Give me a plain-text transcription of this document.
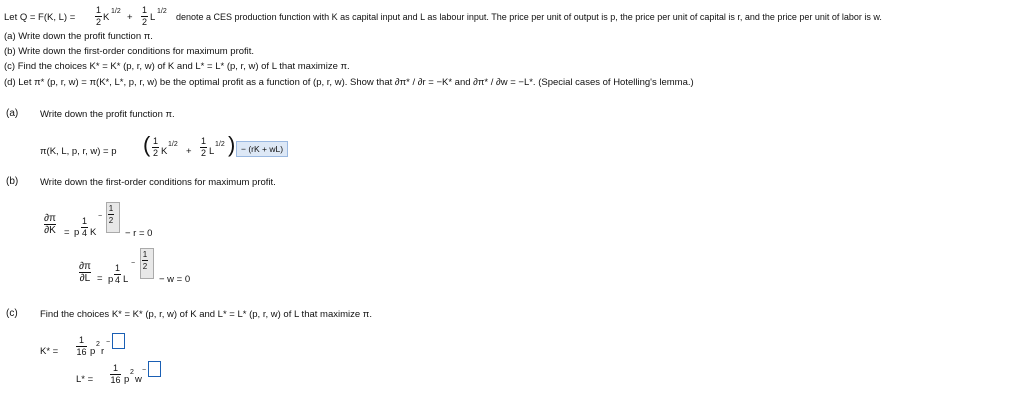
Let Q = F(K, L) =
1
2 K
1/2
+
1
2 L
1/2
denote a CES production function with K as capital input and L as labour input. The price per unit of output is p, the price per unit of capital is r, and the price per unit of labor is w.
(a) Write down the profit function π.
(b) Write down the first-order conditions for maximum profit.
(c) Find the choices K* = K* (p, r, w) of K and L* = L* (p, r, w) of L that maximize π.
(d) Let π* (p, r, w) = π(K*, L*, p, r, w) be the optimal profit as a function of (p, r, w). Show that ∂π* / ∂r = −K* and ∂π* / ∂w = −L*. (Special cases of Hotelling's lemma.)
(a) Write down the profit function π.
π(K, L, p, r, w) = p ( 1
2 K
1/2
+
1
2 L
1/2 ) − (rK + wL)
(b) Write down the first-order conditions for maximum profit.
∂π
∂K = p
1
4 K
−
1
2
− r = 0
∂π
∂L = p
1
4 L
−
1
2
− w = 0
(c) Find the choices K* = K* (p, r, w) of K and L* = L* (p, r, w) of L that maximize π.
K* =
1
16 p
2
r
−
L* =
1
16 p
2
w
−
